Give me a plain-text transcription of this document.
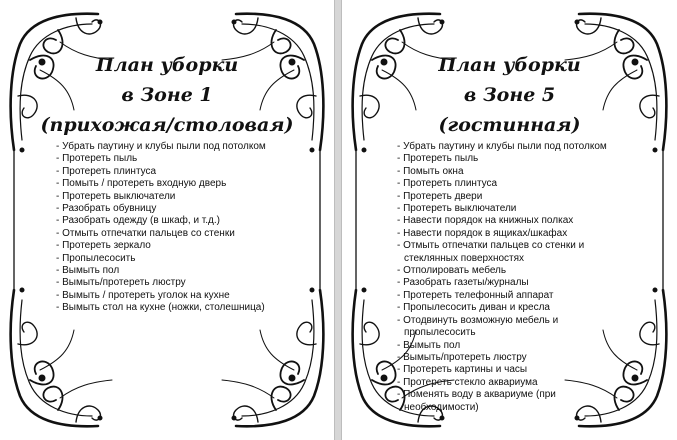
План уборки
в Зоне 1
(прихожая/столовая)
- Убрать паутину и клубы пыли под потолком
- Протереть пыль
- Протереть плинтуса
- Помыть / протереть входную дверь
- Протереть выключатели
- Разобрать обувницу
- Разобрать одежду (в шкаф, и т.д.)
- Отмыть отпечатки пальцев со стенки
- Протереть зеркало
- Пропылесосить
- Вымыть пол
- Вымыть/протереть люстру
- Вымыть / протереть уголок на кухне
- Вымыть стол на кухне (ножки, столешница)
План уборки
в Зоне 5
(гостинная)
- Убрать паутину и клубы пыли под потолком
- Протереть пыль
- Помыть окна
- Протереть плинтуса
- Протереть двери
- Протереть выключатели
- Навести порядок на книжных полках
- Навести порядок в ящиках/шкафах
- Отмыть отпечатки пальцев со стенки и стеклянных поверхностях
- Отполировать мебель
- Разобрать газеты/журналы
- Протереть телефонный аппарат
- Пропылесосить диван и кресла
- Отодвинуть возможную мебель и пропылесосить
- Вымыть пол
- Вымыть/протереть люстру
- Протереть картины и часы
- Протереть стекло аквариума
- Поменять воду в аквариуме (при необходимости)
